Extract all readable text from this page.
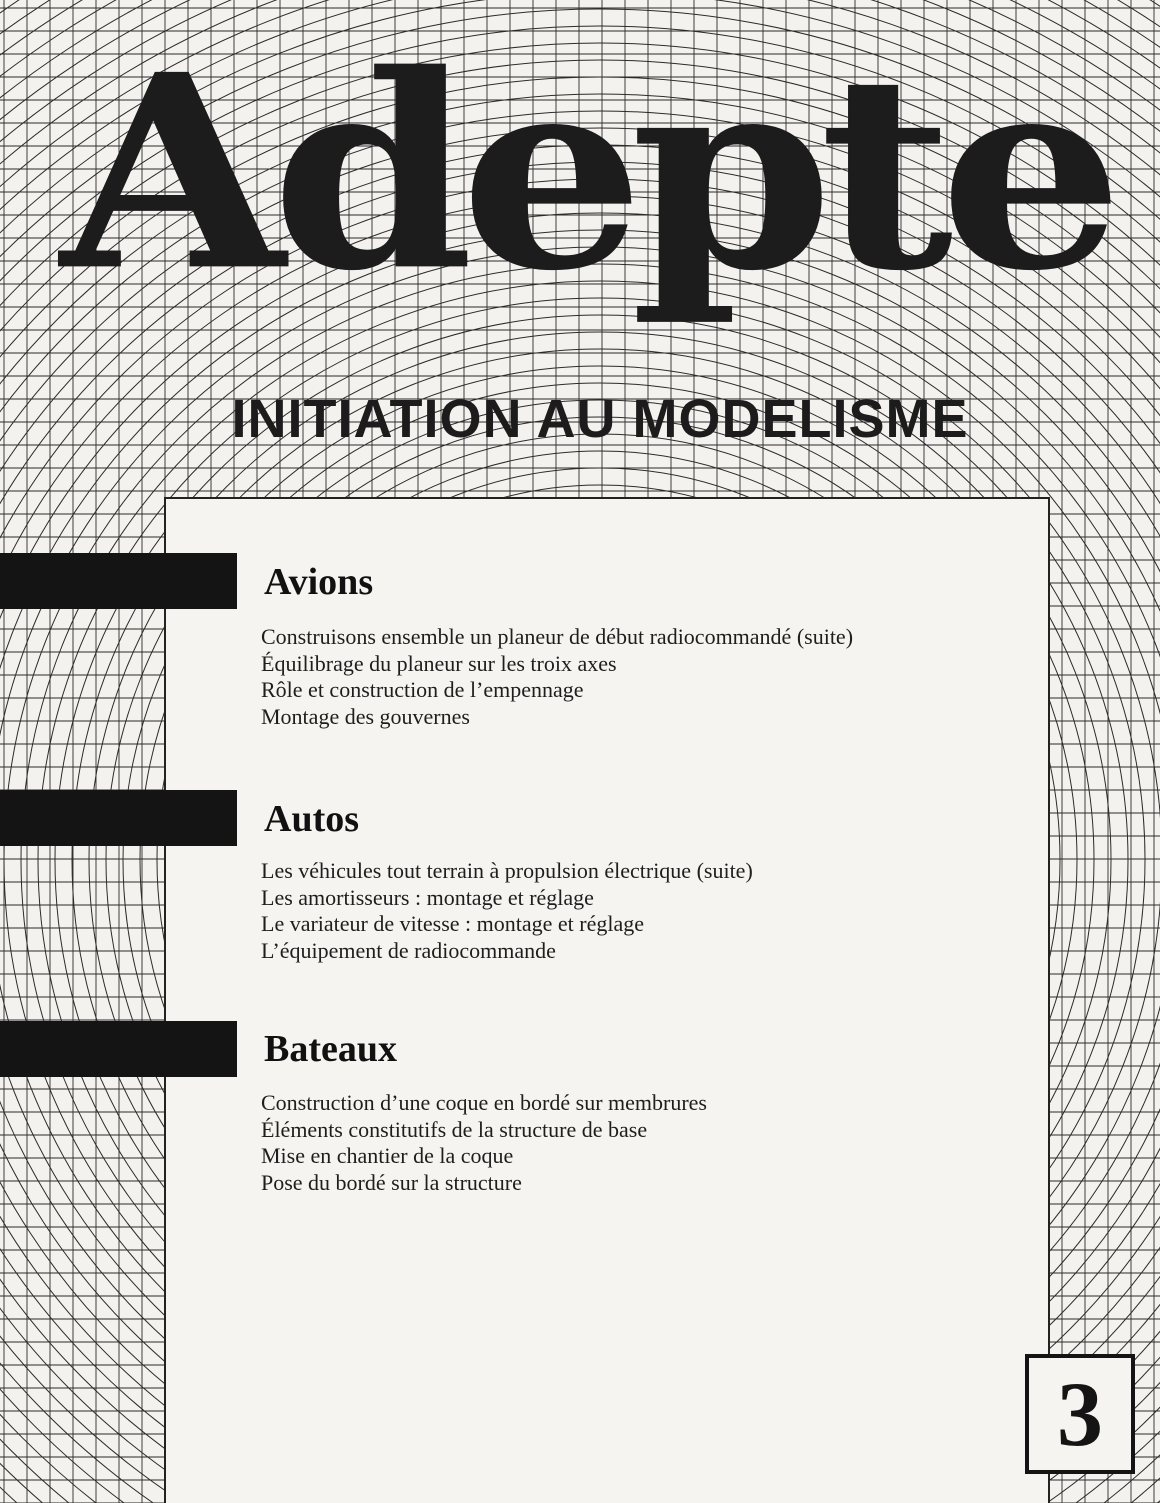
Adepte
INITIATION AU MODELISME
Avions
Construisons ensemble un planeur de début radiocommandé (suite)
Équilibrage du planeur sur les troix axes
Rôle et construction de l’empennage
Montage des gouvernes
Autos
Les véhicules tout terrain à propulsion électrique (suite)
Les amortisseurs : montage et réglage
Le variateur de vitesse : montage et réglage
L’équipement de radiocommande
Bateaux
Construction d’une coque en bordé sur membrures
Éléments constitutifs de la structure de base
Mise en chantier de la coque
Pose du bordé sur la structure
3
